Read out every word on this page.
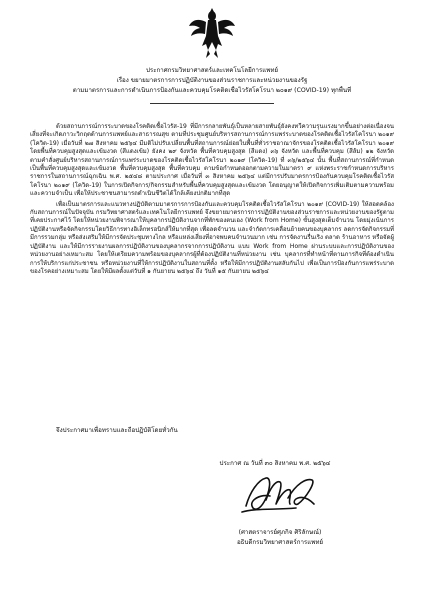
ประกาศกรมวิทยาศาสตร์และเทคโนโลยีการแพทย์
เรื่อง ขยายมาตรการการปฏิบัติงานของส่วนราชการและหน่วยงานของรัฐ
ตามมาตรการและการดำเนินการป้องกันและควบคุมโรคติดเชื้อไวรัสโคโรนา ๒๐๑๙ (COVID-19) ทุกพื้นที่

ด้วยสถานการณ์การระบาดของโรคติดเชื้อไวรัส-19 ที่มีการกลายพันธุ์เป็นหลายสายพันธุ์ยังคงทวีความรุนแรงมากขึ้นอย่างต่อเนื่องจนเสี่ยงที่จะเกิดภาวะวิกฤตด้านการแพทย์และสาธารณสุข ตามที่ประชุมศูนย์บริหารสถานการณ์การแพร่ระบาดของโรคติดเชื้อไวรัสโคโรนา ๒๐๑๙ (โควิด-19) เมื่อวันที่ ๒๗ สิงหาคม ๒๕๖๔ มีมติไม่ปรับเปลี่ยนพื้นที่สถานการณ์ย่อยในพื้นที่ทั่วราชอาณาจักรของโรคติดเชื้อไวรัสโคโรนา ๒๐๑๙ โดยพื้นที่ควบคุมสูงสุดและเข้มงวด (สีแดงเข้ม) ยังคง ๒๙ จังหวัด พื้นที่ควบคุมสูงสุด (สีแดง) ๓๖ จังหวัด และพื้นที่ควบคุม (สีส้ม) ๑๒ จังหวัด ตามคำสั่งศูนย์บริหารสถานการณ์การแพร่ระบาดของโรคติดเชื้อไวรัสโคโรนา ๒๐๑๙ (โควิด-19) ที่ ๓๖/๒๕๖๔ นั้น พื้นที่สถานการณ์ที่กำหนดเป็นพื้นที่ควบคุมสูงสุดและเข้มงวด พื้นที่ควบคุมสูงสุด พื้นที่ควบคุม ตามข้อกำหนดออกตามความในมาตรา ๙ แห่งพระราชกำหนดการบริหารราชการในสถานการณ์ฉุกเฉิน พ.ศ. ๒๕๔๘ ตามประกาศ เมื่อวันที่ ๓ สิงหาคม ๒๕๖๔ แต่มีการปรับมาตรการป้องกันควบคุมโรคติดเชื้อไวรัสโคโรนา ๒๐๑๙ (โควิด-19) ในการเปิดกิจการ/กิจกรรมสำหรับพื้นที่ควบคุมสูงสุดและเข้มงวด โดยอนุญาตให้เปิดกิจการเพิ่มเติมตามความพร้อมและความจำเป็น เพื่อให้ประชาชนสามารถดำเนินชีวิตได้ใกล้เคียงปกติมากที่สุด

เพื่อเป็นมาตรการและแนวทางปฏิบัติตามมาตรการการป้องกันและควบคุมโรคติดเชื้อไวรัสโคโรนา ๒๐๑๙ (COVID-19) ให้สอดคล้องกับสถานการณ์ในปัจจุบัน กรมวิทยาศาสตร์และเทคโนโลยีการแพทย์ จึงขยายมาตรการการปฏิบัติงานของส่วนราชการและหน่วยงานของรัฐตามที่เคยประกาศไว้ โดยให้หน่วยงานพิจารณาให้บุคลากรปฏิบัติงานจากที่พักของตนเอง (Work from Home) ขั้นสูงสุดเต็มจำนวน โดยมุ่งเน้นการปฏิบัติงานหรือจัดกิจกรรมโดยวิธีการทางอิเล็กทรอนิกส์ให้มากที่สุด เพื่อลดจำนวน และจำกัดการเคลื่อนย้ายคนของบุคลากร ลดการจัดกิจกรรมที่มีการรวมกลุ่ม หรือส่งเสริมให้มีการจัดประชุมทางไกล หรือแหล่งเสี่ยงที่อาจพบคนจำนวนมาก เช่น การจัดงานรื่นเริง ตลาด ร้านอาหาร หรือจัดผู้ปฏิบัติงาน และให้มีการรายงานผลการปฏิบัติงานของบุคลากรจากการปฏิบัติงาน แบบ Work from Home ผ่านระบบและการปฏิบัติงานของหน่วยงานอย่างเหมาะสม โดยให้เตรียมความพร้อมของบุคลากรผู้ที่ต้องปฏิบัติงานที่หน่วยงาน เช่น บุคลากรที่ทำหน้าที่ตามภารกิจที่ต้องดำเนินการให้บริการแก่ประชาชน หรือหน่วยงานที่ให้การปฏิบัติงานในสถานที่ตั้ง หรือให้มีการปฏิบัติงานสลับกันไป เพื่อเป็นการป้องกันการแพร่ระบาดของโรคอย่างเหมาะสม โดยให้มีผลตั้งแต่วันที่ ๑ กันยายน ๒๕๖๔ ถึง วันที่ ๑๕ กันยายน ๒๕๖๔

จึงประกาศมาเพื่อทราบและถือปฏิบัติโดยทั่วกัน
ประกาศ ณ วันที่ ๓๐ สิงหาคม พ.ศ. ๒๕๖๔
(ศาสตราจารย์ศุภกิจ ศิริลักษณ์)
อธิบดีกรมวิทยาศาสตร์การแพทย์
